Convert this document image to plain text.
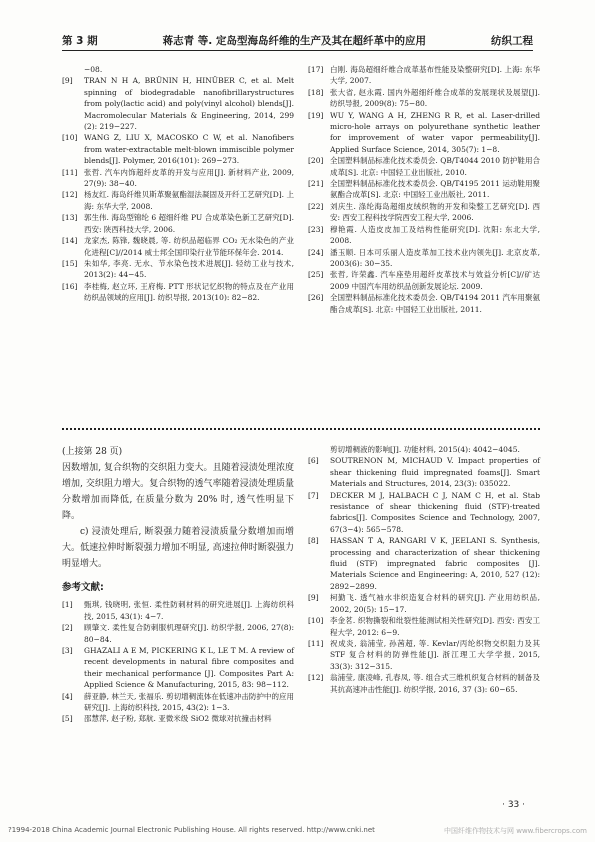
第 3 期	蒋志青 等. 定岛型海岛纤维的生产及其在超纤革中的应用	纺织工程
−08.
[9]	TRAN N H A, BRÜNIN H, HINÜBER C, et al. Melt spinning of biodegradable nanofibrillarystructures from poly(lactic acid) and poly(vinyl alcohol) blends[J]. Macromolecular Materials & Engineering, 2014, 299 (2): 219−227.
[10] WANG Z, LIU X, MACOSKO C W, et al. Nanofibers from water-extractable melt-blown immiscible polymer blends[J]. Polymer, 2016(101): 269−273.
[11] 张哲. 汽车内饰超纤皮革的开发与应用[J]. 新材料产业, 2009, 27(9): 38−40.
[12] 杨友红. 海岛纤维贝斯革聚氨酯湿法凝固及开纤工艺研究[D]. 上海: 东华大学, 2008.
[13] 郭生伟. 海岛型锦纶 6 超细纤维 PU 合成革染色新工艺研究[D]. 西安: 陕西科技大学, 2006.
[14] 龙家杰, 陈锋, 魏晓晨, 等. 纺织品超临界 CO₂ 无水染色的产业化进程[C]//2014 威士邦全国印染行业节能环保年会. 2014.
[15] 朱如华, 李亮. 无水、节水染色技术进展[J]. 轻纺工业与技术, 2013(2): 44−45.
[16] 李桂梅, 赵立环, 王府梅. PTT 形状记忆织物的特点及在产业用纺织品领域的应用[J]. 纺织导报, 2013(10): 82−82.
[17] 白刚. 海岛超细纤维合成革基布性能及染整研究[D]. 上海: 东华大学, 2007.
[18] 张大省, 赵永霞. 国内外超细纤维合成革的发展现状及展望[J]. 纺织导报, 2009(8): 75−80.
[19] WU Y, WANG A H, ZHENG R R, et al. Laser-drilled micro-hole arrays on polyurethane synthetic leather for improvement of water vapor permeability[J]. Applied Surface Science, 2014, 305(7): 1−8.
[20] 全国塑料制品标准化技术委员会. QB/T4044 2010 防护鞋用合成革[S]. 北京: 中国轻工业出版社, 2010.
[21] 全国塑料制品标准化技术委员会. QB/T4195 2011 运动鞋用聚氨酯合成革[S]. 北京: 中国轻工业出版社, 2011.
[22] 刘庆生. 涤纶海岛超细皮绒织物的开发和染整工艺研究[D]. 西安: 西安工程科技学院西安工程大学, 2006.
[23] 穆艳霞. 人造皮皮加工及结构性能研究[D]. 沈阳: 东北大学, 2008.
[24] 潘玉顺. 日本可乐丽人造皮革加工技术业内领先[J]. 北京皮革, 2003(6): 30−35.
[25] 张哲, 许荣鑫. 汽车座垫用超纤皮革技术与效益分析[C]//矿达 2009 中国汽车用纺织品创新发展论坛. 2009.
[26] 全国塑料制品标准化技术委员会. QB/T4194 2011 汽车用聚氨酯合成革[S]. 北京: 中国轻工业出版社, 2011.

(上接第 28 页)

因数增加, 复合织物的交织阻力变大。且随着浸渍处理浓度增加, 交织阻力增大。复合织物的透气率随着浸渍处理质量分数增加而降低, 在质量分数为 20% 时, 透气性明显下降。

c) 浸渍处理后, 断裂强力随着浸渍质量分数增加而增大。低速拉伸时断裂强力增加不明显, 高速拉伸时断裂强力明显增大。

参考文献:
[1]	甄琪, 钱晓明, 张恒. 柔性防刺材料的研究进展[J]. 上海纺织科技, 2015, 43(1): 4−7.
[2]	顾肇文. 柔性复合防刺服机理研究[J]. 纺织学报, 2006, 27(8): 80−84.
[3]	GHAZALI A E M, PICKERING K L, LE T M. A review of recent developments in natural fibre composites and their mechanical performance [J]. Composites Part A: Applied Science & Manufacturing, 2015, 83: 98−112.
[4]	薛亚静, 林兰天, 张福乐. 剪切增稠流体在低速冲击防护中的应用研究[J]. 上海纺织科技, 2015, 43(2): 1−3.
[5]	邵慧萍, 赵子粉, 郑航. 亚微米级 SiO2 微球对抗撞击材料
剪切增稠液的影响[J]. 功能材料, 2015(4): 4042−4045.
[6]	SOUTRENON M, MICHAUD V. Impact properties of shear thickening fluid impregnated foams[J]. Smart Materials and Structures, 2014, 23(3): 035022.
[7]	DECKER M J, HALBACH C J, NAM C H, et al. Stab resistance of shear thickening fluid (STF)-treated fabrics[J]. Composites Science and Technology, 2007, 67(3−4): 565−578.
[8]	HASSAN T A, RANGARI V K, JEELANI S. Synthesis, processing and characterization of shear thickening fluid (STF) impregnated fabric composites [J]. Materials Science and Engineering: A, 2010, 527 (12): 2892−2899.
[9]	柯勤飞. 透气袖水非织造复合材料的研究[J]. 产业用纺织品, 2002, 20(5): 15−17.
[10] 李金茗. 织物撕裂和纰裂性能测试相关性研究[D]. 西安: 西安工程大学, 2012: 6−9.
[11] 祝成炎, 翁浦莹, 孙茜超, 等. Kevlar/丙纶织物交织阻力及其 STF 复合材料的防弹性能[J]. 浙江理工大学学报, 2015, 33(3): 312−315.
[12] 翁浦莹, 康凌峰, 孔春凤, 等. 组合式三维机织复合材料的制备及其抗高速冲击性能[J]. 纺织学报, 2016, 37 (3): 60−65.
· 33 ·
?1994-2018 China Academic Journal Electronic Publishing House. All rights reserved. http://www.cnki.net	中国纤维作物技术与网 www.fibercrops.com
